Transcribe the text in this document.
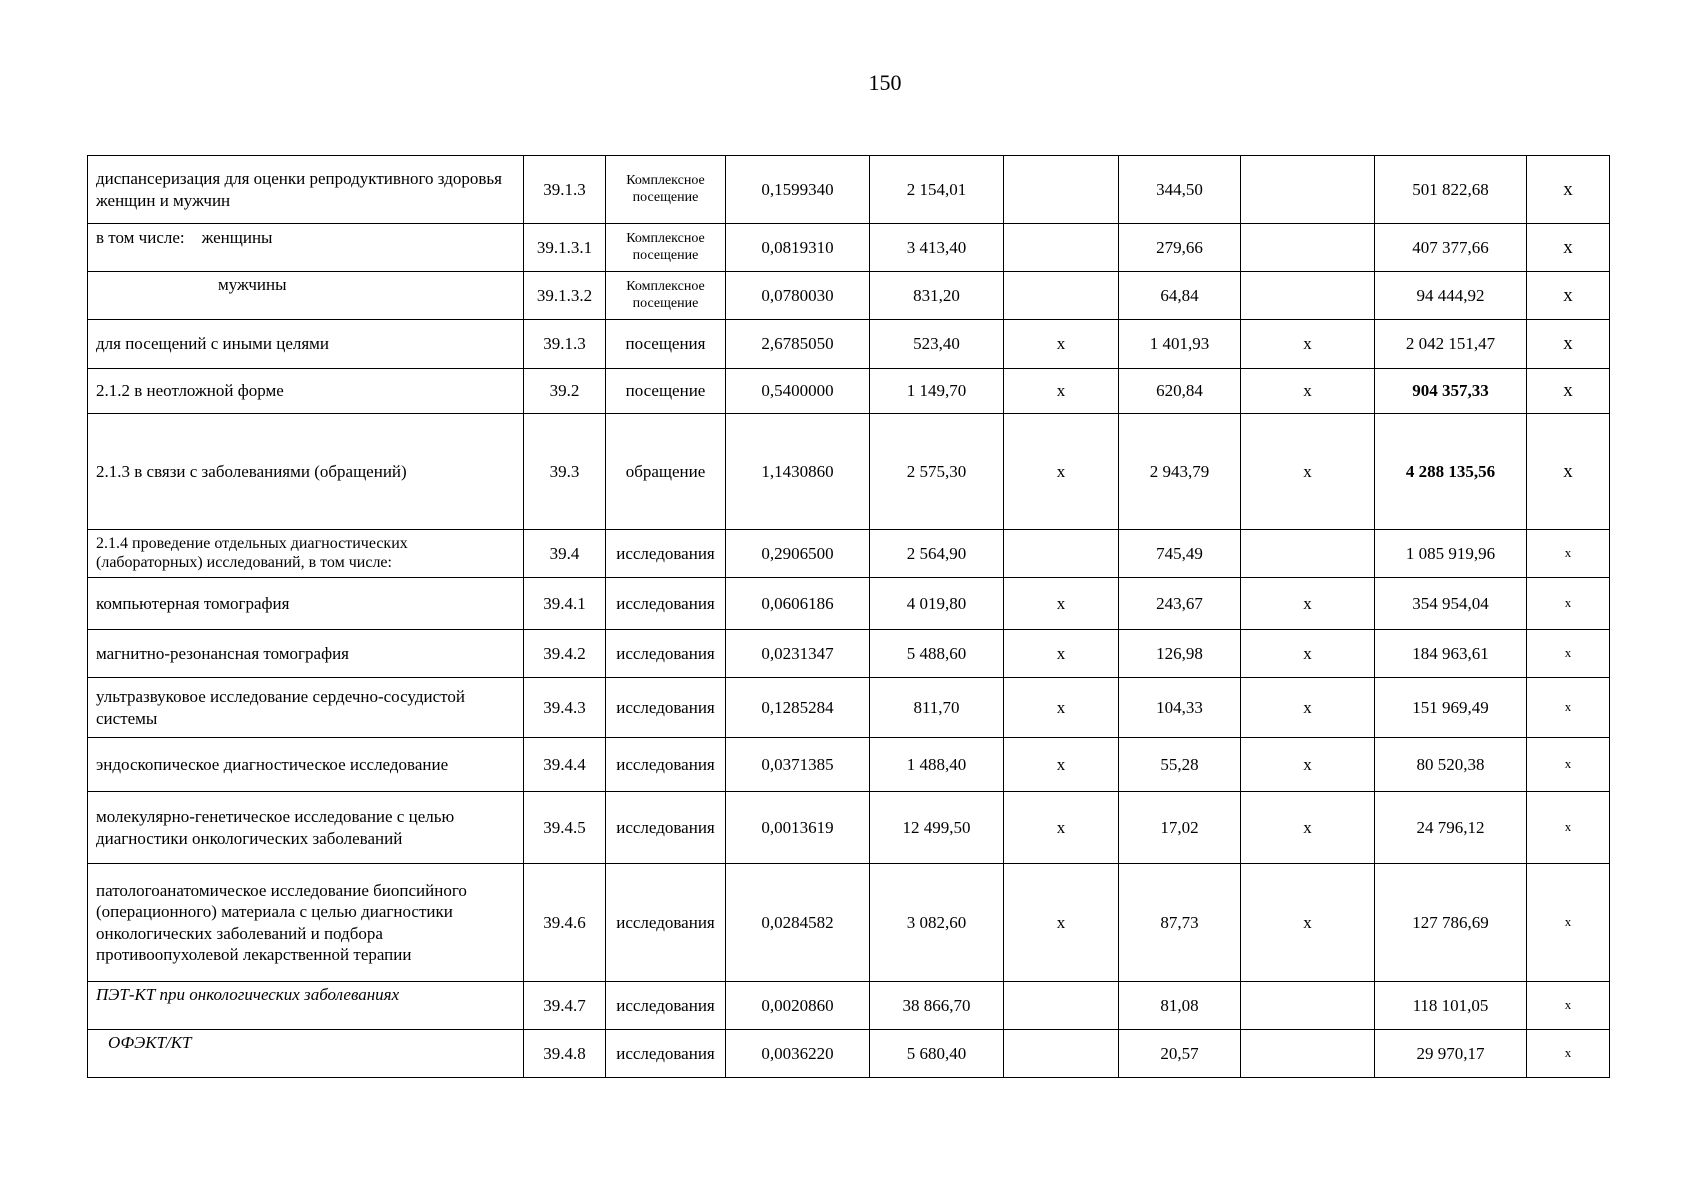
150
диспансеризация для оценки репродуктивного здоровья женщин и мужчин	39.1.3	Комплексное посещение	0,1599340	2 154,01		344,50		501 822,68	х
в том числе:    женщины	39.1.3.1	Комплексное посещение	0,0819310	3 413,40		279,66		407 377,66	х
мужчины	39.1.3.2	Комплексное посещение	0,0780030	831,20		64,84		94 444,92	х
для посещений с иными целями	39.1.3	посещения	2,6785050	523,40	х	1 401,93	х	2 042 151,47	х
2.1.2 в неотложной форме	39.2	посещение	0,5400000	1 149,70	х	620,84	х	904 357,33	х
2.1.3 в связи с заболеваниями (обращений)	39.3	обращение	1,1430860	2 575,30	х	2 943,79	х	4 288 135,56	х
2.1.4 проведение отдельных диагностических (лабораторных) исследований, в том числе:	39.4	исследования	0,2906500	2 564,90		745,49		1 085 919,96	х
компьютерная томография	39.4.1	исследования	0,0606186	4 019,80	х	243,67	х	354 954,04	х
магнитно-резонансная томография	39.4.2	исследования	0,0231347	5 488,60	х	126,98	х	184 963,61	х
ультразвуковое исследование сердечно-сосудистой системы	39.4.3	исследования	0,1285284	811,70	х	104,33	х	151 969,49	х
эндоскопическое диагностическое исследование	39.4.4	исследования	0,0371385	1 488,40	х	55,28	х	80 520,38	х
молекулярно-генетическое исследование с целью диагностики онкологических заболеваний	39.4.5	исследования	0,0013619	12 499,50	х	17,02	х	24 796,12	х
патологоанатомическое исследование биопсийного (операционного) материала с целью диагностики онкологических заболеваний и подбора противоопухолевой лекарственной терапии	39.4.6	исследования	0,0284582	3 082,60	х	87,73	х	127 786,69	х
ПЭТ-КТ при онкологических заболеваниях	39.4.7	исследования	0,0020860	38 866,70		81,08		118 101,05	х
ОФЭКТ/КТ	39.4.8	исследования	0,0036220	5 680,40		20,57		29 970,17	х
